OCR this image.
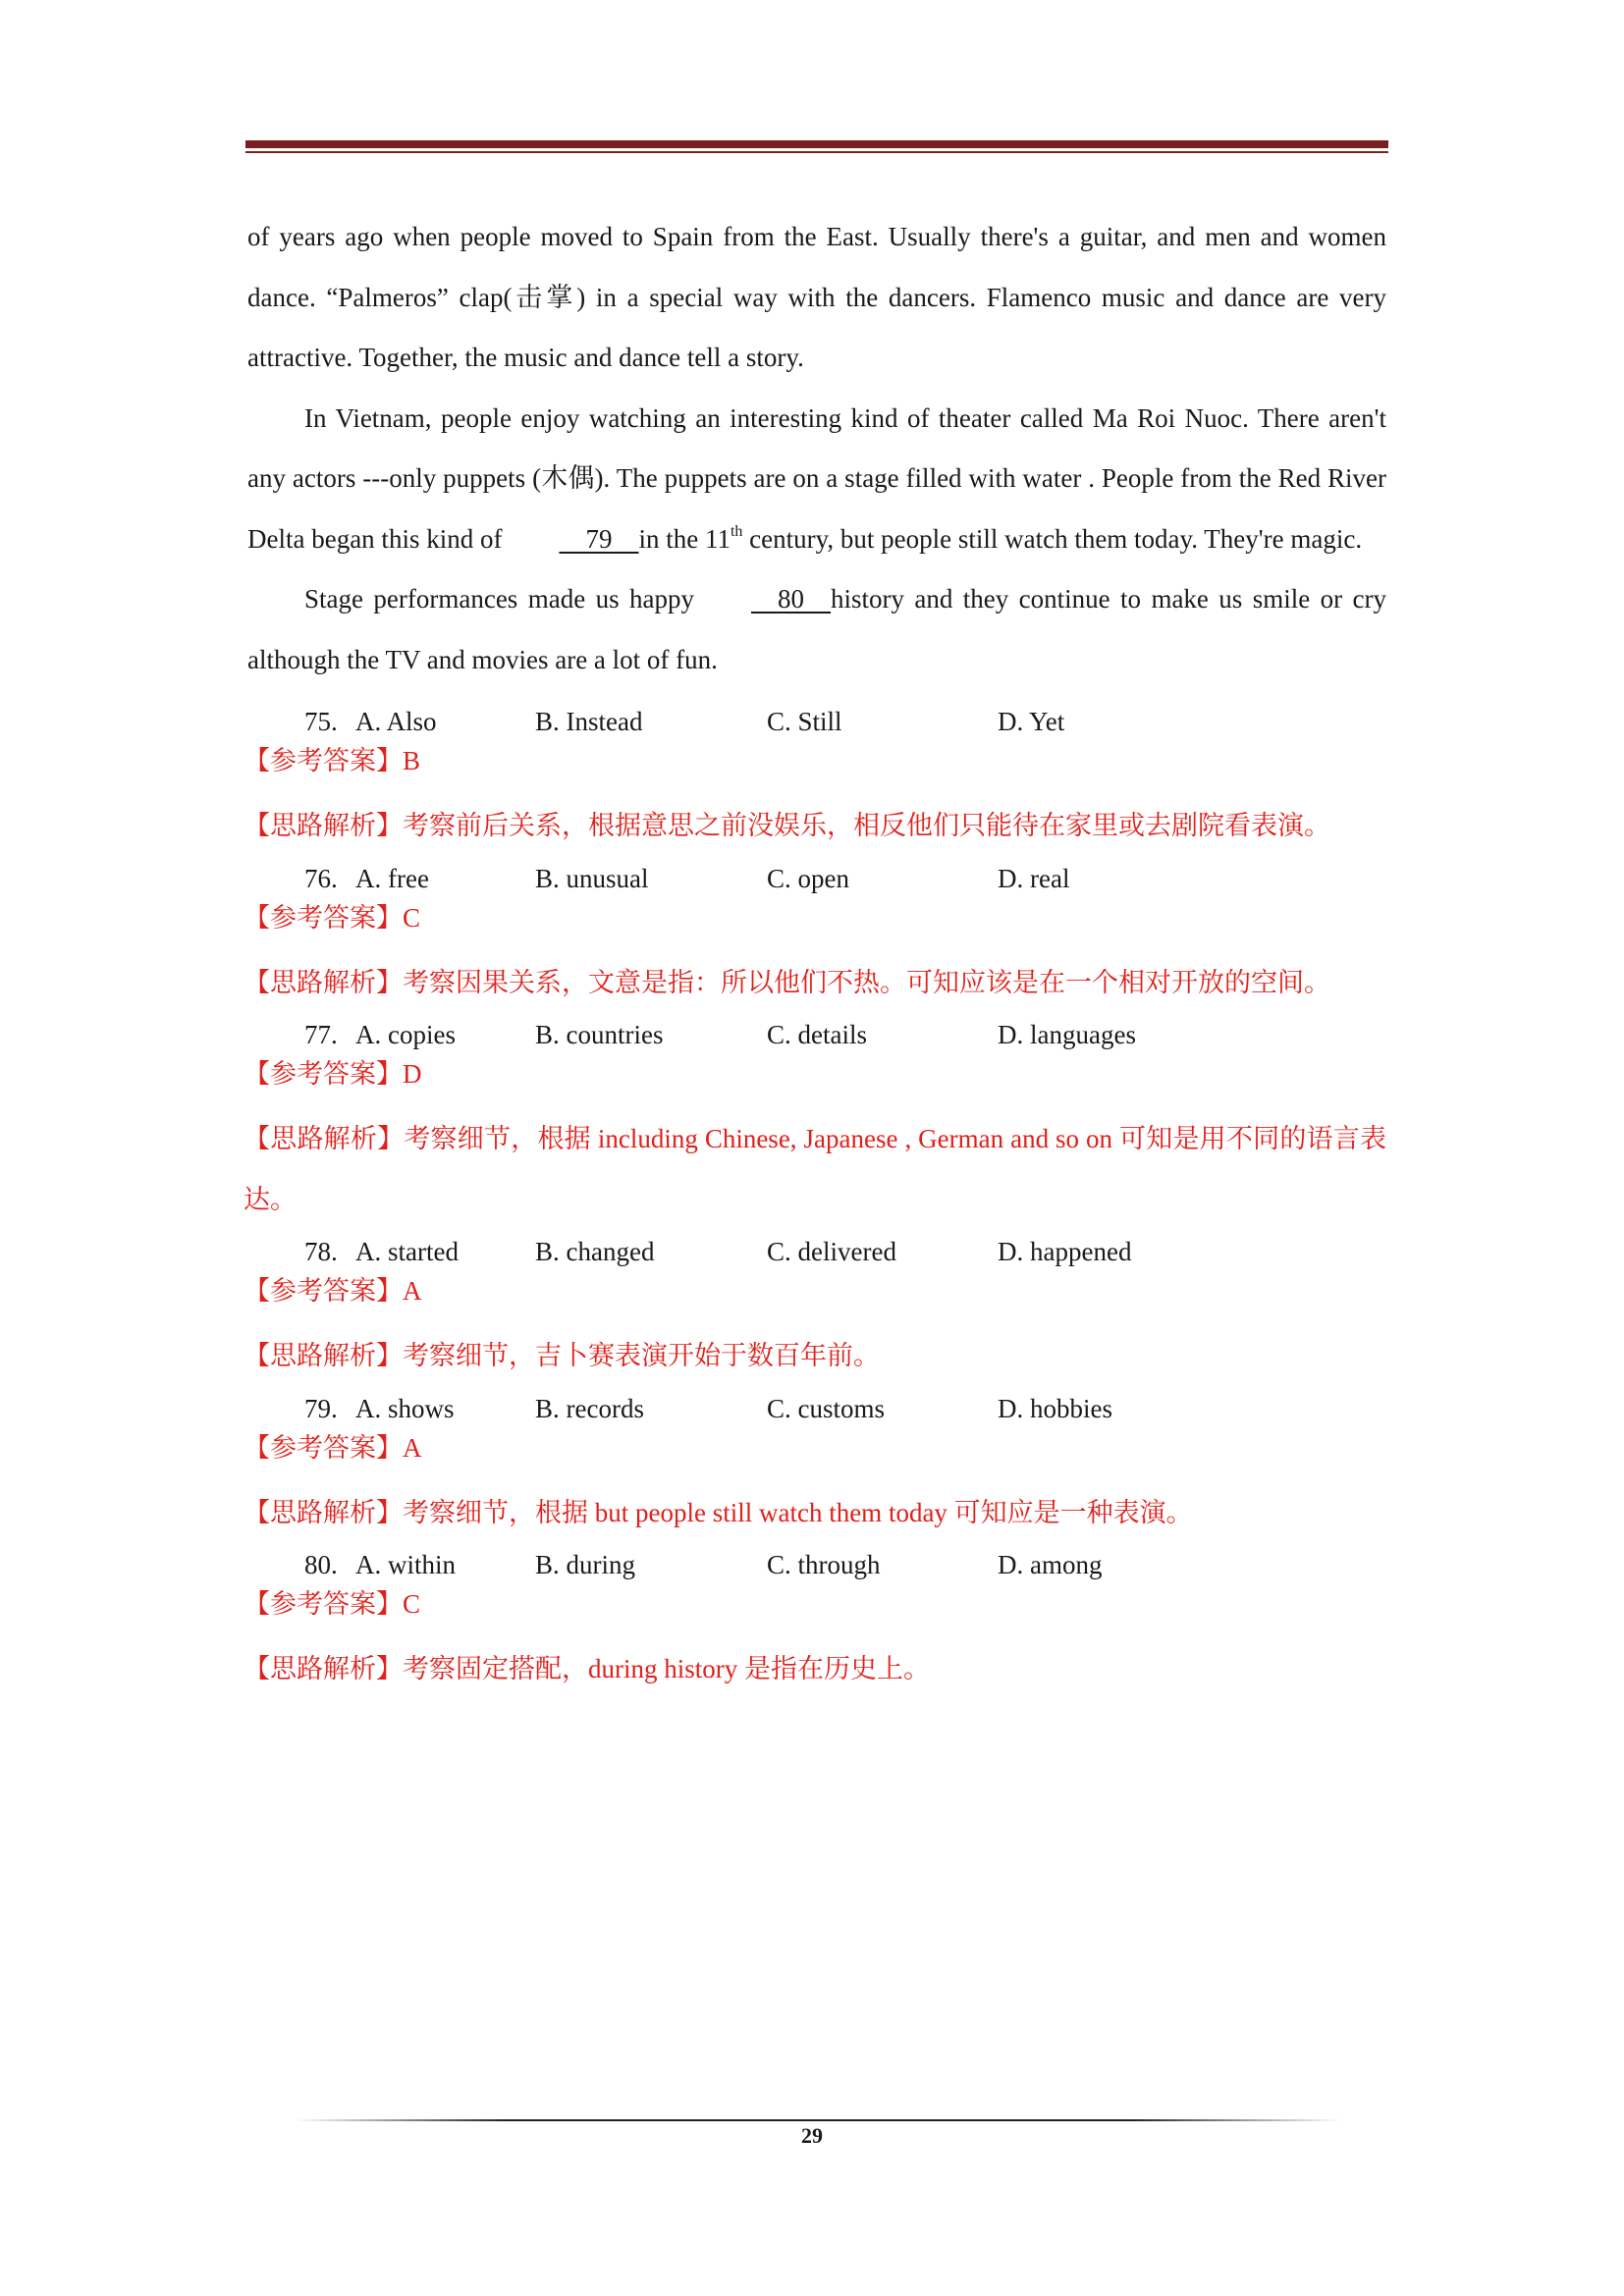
of years ago when people moved to Spain from the East. Usually there's a guitar, and men and women dance. “Palmeros” clap(击掌) in a special way with the dancers. Flamenco music and dance are very attractive. Together, the music and dance tell a story.

In Vietnam, people enjoy watching an interesting kind of theater called Ma Roi Nuoc. There aren't any actors ---only puppets (木偶). The puppets are on a stage filled with water . People from the Red River Delta began this kind of    79    in the 11th century, but people still watch them today. They're magic.

Stage performances made us happy    80    history and they continue to make us smile or cry although the TV and movies are a lot of fun.

75. A. Also	B. Instead	C. Still	D. Yet
【参考答案】B

【思路解析】考察前后关系，根据意思之前没娱乐，相反他们只能待在家里或去剧院看表演。

76. A. free	B. unusual	C. open	D. real
【参考答案】C

【思路解析】考察因果关系，文意是指：所以他们不热。可知应该是在一个相对开放的空间。

77. A. copies	B. countries	C. details	D. languages
【参考答案】D

【思路解析】考察细节，根据 including Chinese, Japanese , German and so on 可知是用不同的语言表达。

78. A. started	B. changed	C. delivered	D. happened
【参考答案】A

【思路解析】考察细节，吉卜赛表演开始于数百年前。

79. A. shows	B. records	C. customs	D. hobbies
【参考答案】A

【思路解析】考察细节，根据 but people still watch them today 可知应是一种表演。

80. A. within	B. during	C. through	D. among
【参考答案】C

【思路解析】考察固定搭配，during history 是指在历史上。

29
